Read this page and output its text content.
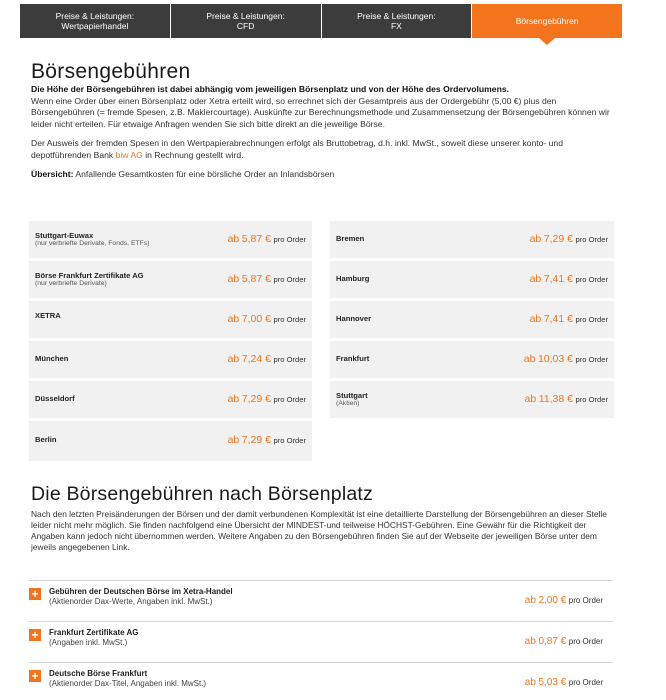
Preise & Leistungen:
Wertpapierhandel
Preise & Leistungen:
CFD
Preise & Leistungen:
FX	Börsengebühren
Börsengebühren

Die Höhe der Börsengebühren ist dabei abhängig vom jeweiligen Börsenplatz und von der Höhe des Ordervolumens.
Wenn eine Order über einen Börsenplatz oder Xetra erteilt wird, so errechnet sich der Gesamtpreis aus der Ordergebühr (5,00 €) plus den Börsengebühren (= fremde Spesen, z.B. Maklercourtage). Auskünfte zur Berechnungsmethode und Zusammensetzung der Börsengebühren können wir leider nicht erteilen. Für etwaige Anfragen wenden Sie sich bitte direkt an die jeweilige Börse.

Der Ausweis der fremden Spesen in den Wertpapierabrechnungen erfolgt als Bruttobetrag, d.h. inkl. MwSt., soweit diese unserer konto- und depotführenden Bank biw AG in Rechnung gestellt wird.

Übersicht: Anfallende Gesamtkosten für eine börsliche Order an Inlandsbörsen

Stuttgart-Euwax
(nur verbriefte Derivate, Fonds, ETFs)	ab 5,87 € pro Order
Börse Frankfurt Zertifikate AG
(nur verbriefte Derivate)	ab 5,87 € pro Order
XETRA	ab 7,00 € pro Order
München	ab 7,24 € pro Order
Düsseldorf	ab 7,29 € pro Order
Berlin	ab 7,29 € pro Order
Bremen	ab 7,29 € pro Order
Hamburg	ab 7,41 € pro Order
Hannover	ab 7,41 € pro Order
Frankfurt	ab 10,03 € pro Order
Stuttgart
(Aktien)	ab 11,38 € pro Order
Die Börsengebühren nach Börsenplatz
Nach den letzten Preisänderungen der Börsen und der damit verbundenen Komplexität ist eine detaillierte Darstellung der Börsengebühren an dieser Stelle leider nicht mehr möglich. Sie finden nachfolgend eine Übersicht der MINDEST-und teilweise HÖCHST-Gebühren. Eine Gewähr für die Richtigkeit der Angaben kann jedoch nicht übernommen werden. Weitere Angaben zu den Börsengebühren finden Sie auf der Webseite der jeweiligen Börse unter dem jeweils angegebenen Link.
+	Gebühren der Deutschen Börse im Xetra-Handel
(Aktienorder Dax-Werte, Angaben inkl. MwSt.)	ab 2,00 € pro Order
+	Frankfurt Zertifikate AG
(Angaben inkl. MwSt.)	ab 0,87 € pro Order
+	Deutsche Börse Frankfurt
(Aktienorder Dax-Titel, Angaben inkl. MwSt.)	ab 5,03 € pro Order
